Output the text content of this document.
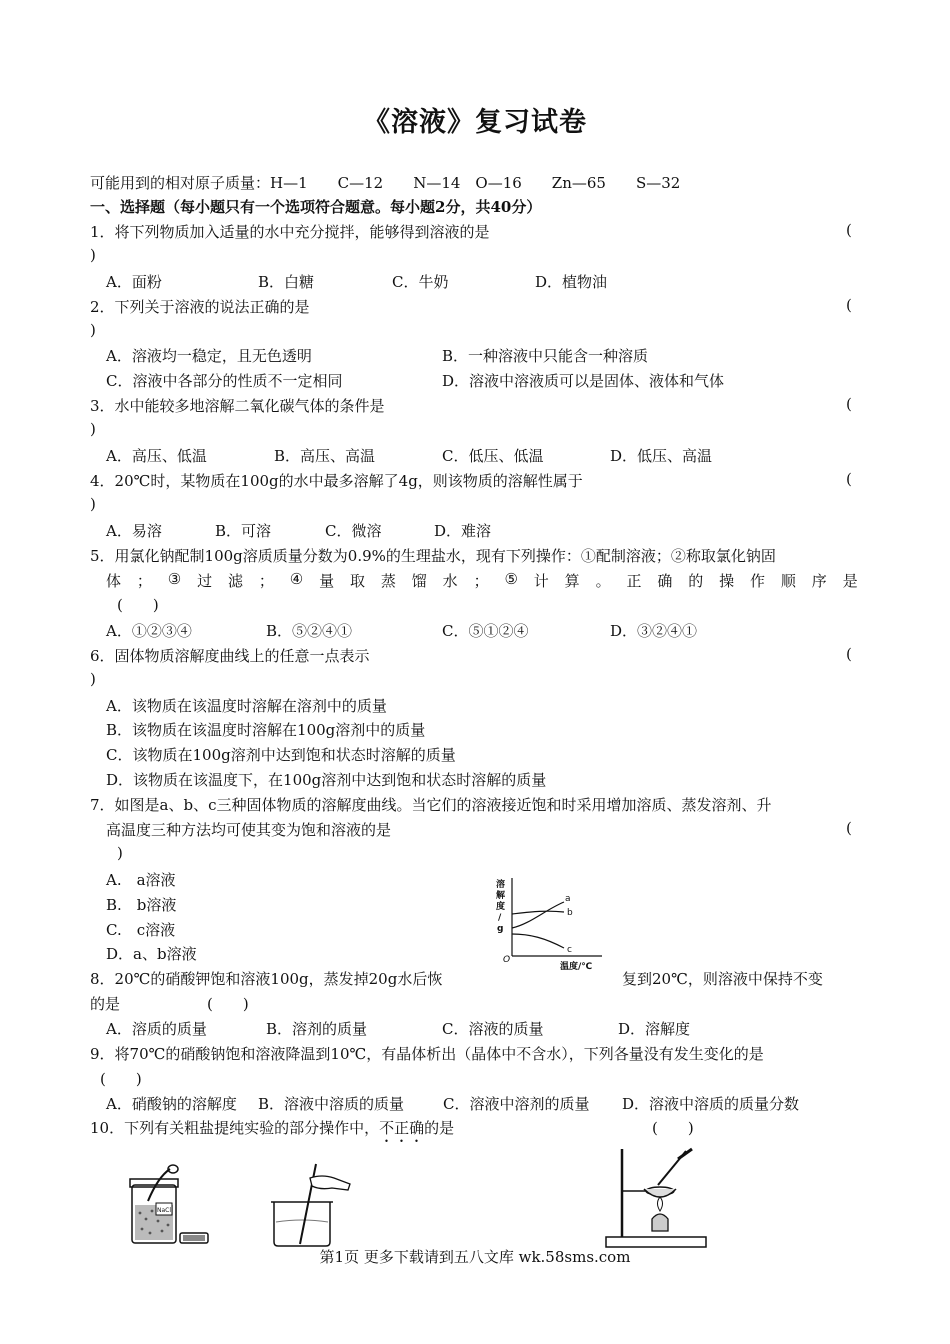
《溶液》复习试卷
可能用到的相对原子质量：H—1　　C—12　　N—14　O—16　　Zn—65　　S—32
一、选择题（每小题只有一个选项符合题意。每小题2分，共40分）
1．将下列物质加入适量的水中充分搅拌，能够得到溶液的是	(
)
A．面粉	B．白糖	C．牛奶	D．植物油
2．下列关于溶液的说法正确的是	(
)
A．溶液均一稳定，且无色透明	B．一种溶液中只能含一种溶质
C．溶液中各部分的性质不一定相同	D．溶液中溶液质可以是固体、液体和气体
3．水中能较多地溶解二氧化碳气体的条件是	(
)
A．高压、低温	B．高压、高温	C．低压、低温	D．低压、高温
4．20℃时，某物质在100g的水中最多溶解了4g，则该物质的溶解性属于	(
)
A．易溶	B．可溶	C．微溶	D．难溶
5．用氯化钠配制100g溶质质量分数为0.9%的生理盐水，现有下列操作：①配制溶液；②称取氯化钠固
体 ； ③ 过 滤 ； ④ 量 取 蒸 馏 水 ； ⑤ 计 算 。 正 确 的 操 作 顺 序 是
(　　)
A．①②③④	B．⑤②④①	C．⑤①②④	D．③②④①
6．固体物质溶解度曲线上的任意一点表示	(
)
A．该物质在该温度时溶解在溶剂中的质量
B．该物质在该温度时溶解在100g溶剂中的质量
C．该物质在100g溶剂中达到饱和状态时溶解的质量
D．该物质在该温度下，在100g溶剂中达到饱和状态时溶解的质量
7．如图是a、b、c三种固体物质的溶解度曲线。当它们的溶液接近饱和时采用增加溶质、蒸发溶剂、升
高温度三种方法均可使其变为饱和溶液的是	(
)
A.　a溶液
B.　b溶液
C.　c溶液
D．a、b溶液
溶
解
度
/
g
温度/℃
O
a
b
c
8．20℃的硝酸钾饱和溶液100g，蒸发掉20g水后恢	复到20℃，则溶液中保持不变
的是	(　　)
A．溶质的质量	B．溶剂的质量	C．溶液的质量	D．溶解度
9．将70℃的硝酸钠饱和溶液降温到10℃，有晶体析出（晶体中不含水），下列各量没有发生变化的是
(　　)
A．硝酸钠的溶解度 B．溶液中溶质的质量	C．溶液中溶剂的质量 D．溶液中溶质的质量分数
10．下列有关粗盐提纯实验的部分操作中，不正确的是	(　　)
NaCl
第1页 更多下载请到五八文库 wk.58sms.com
